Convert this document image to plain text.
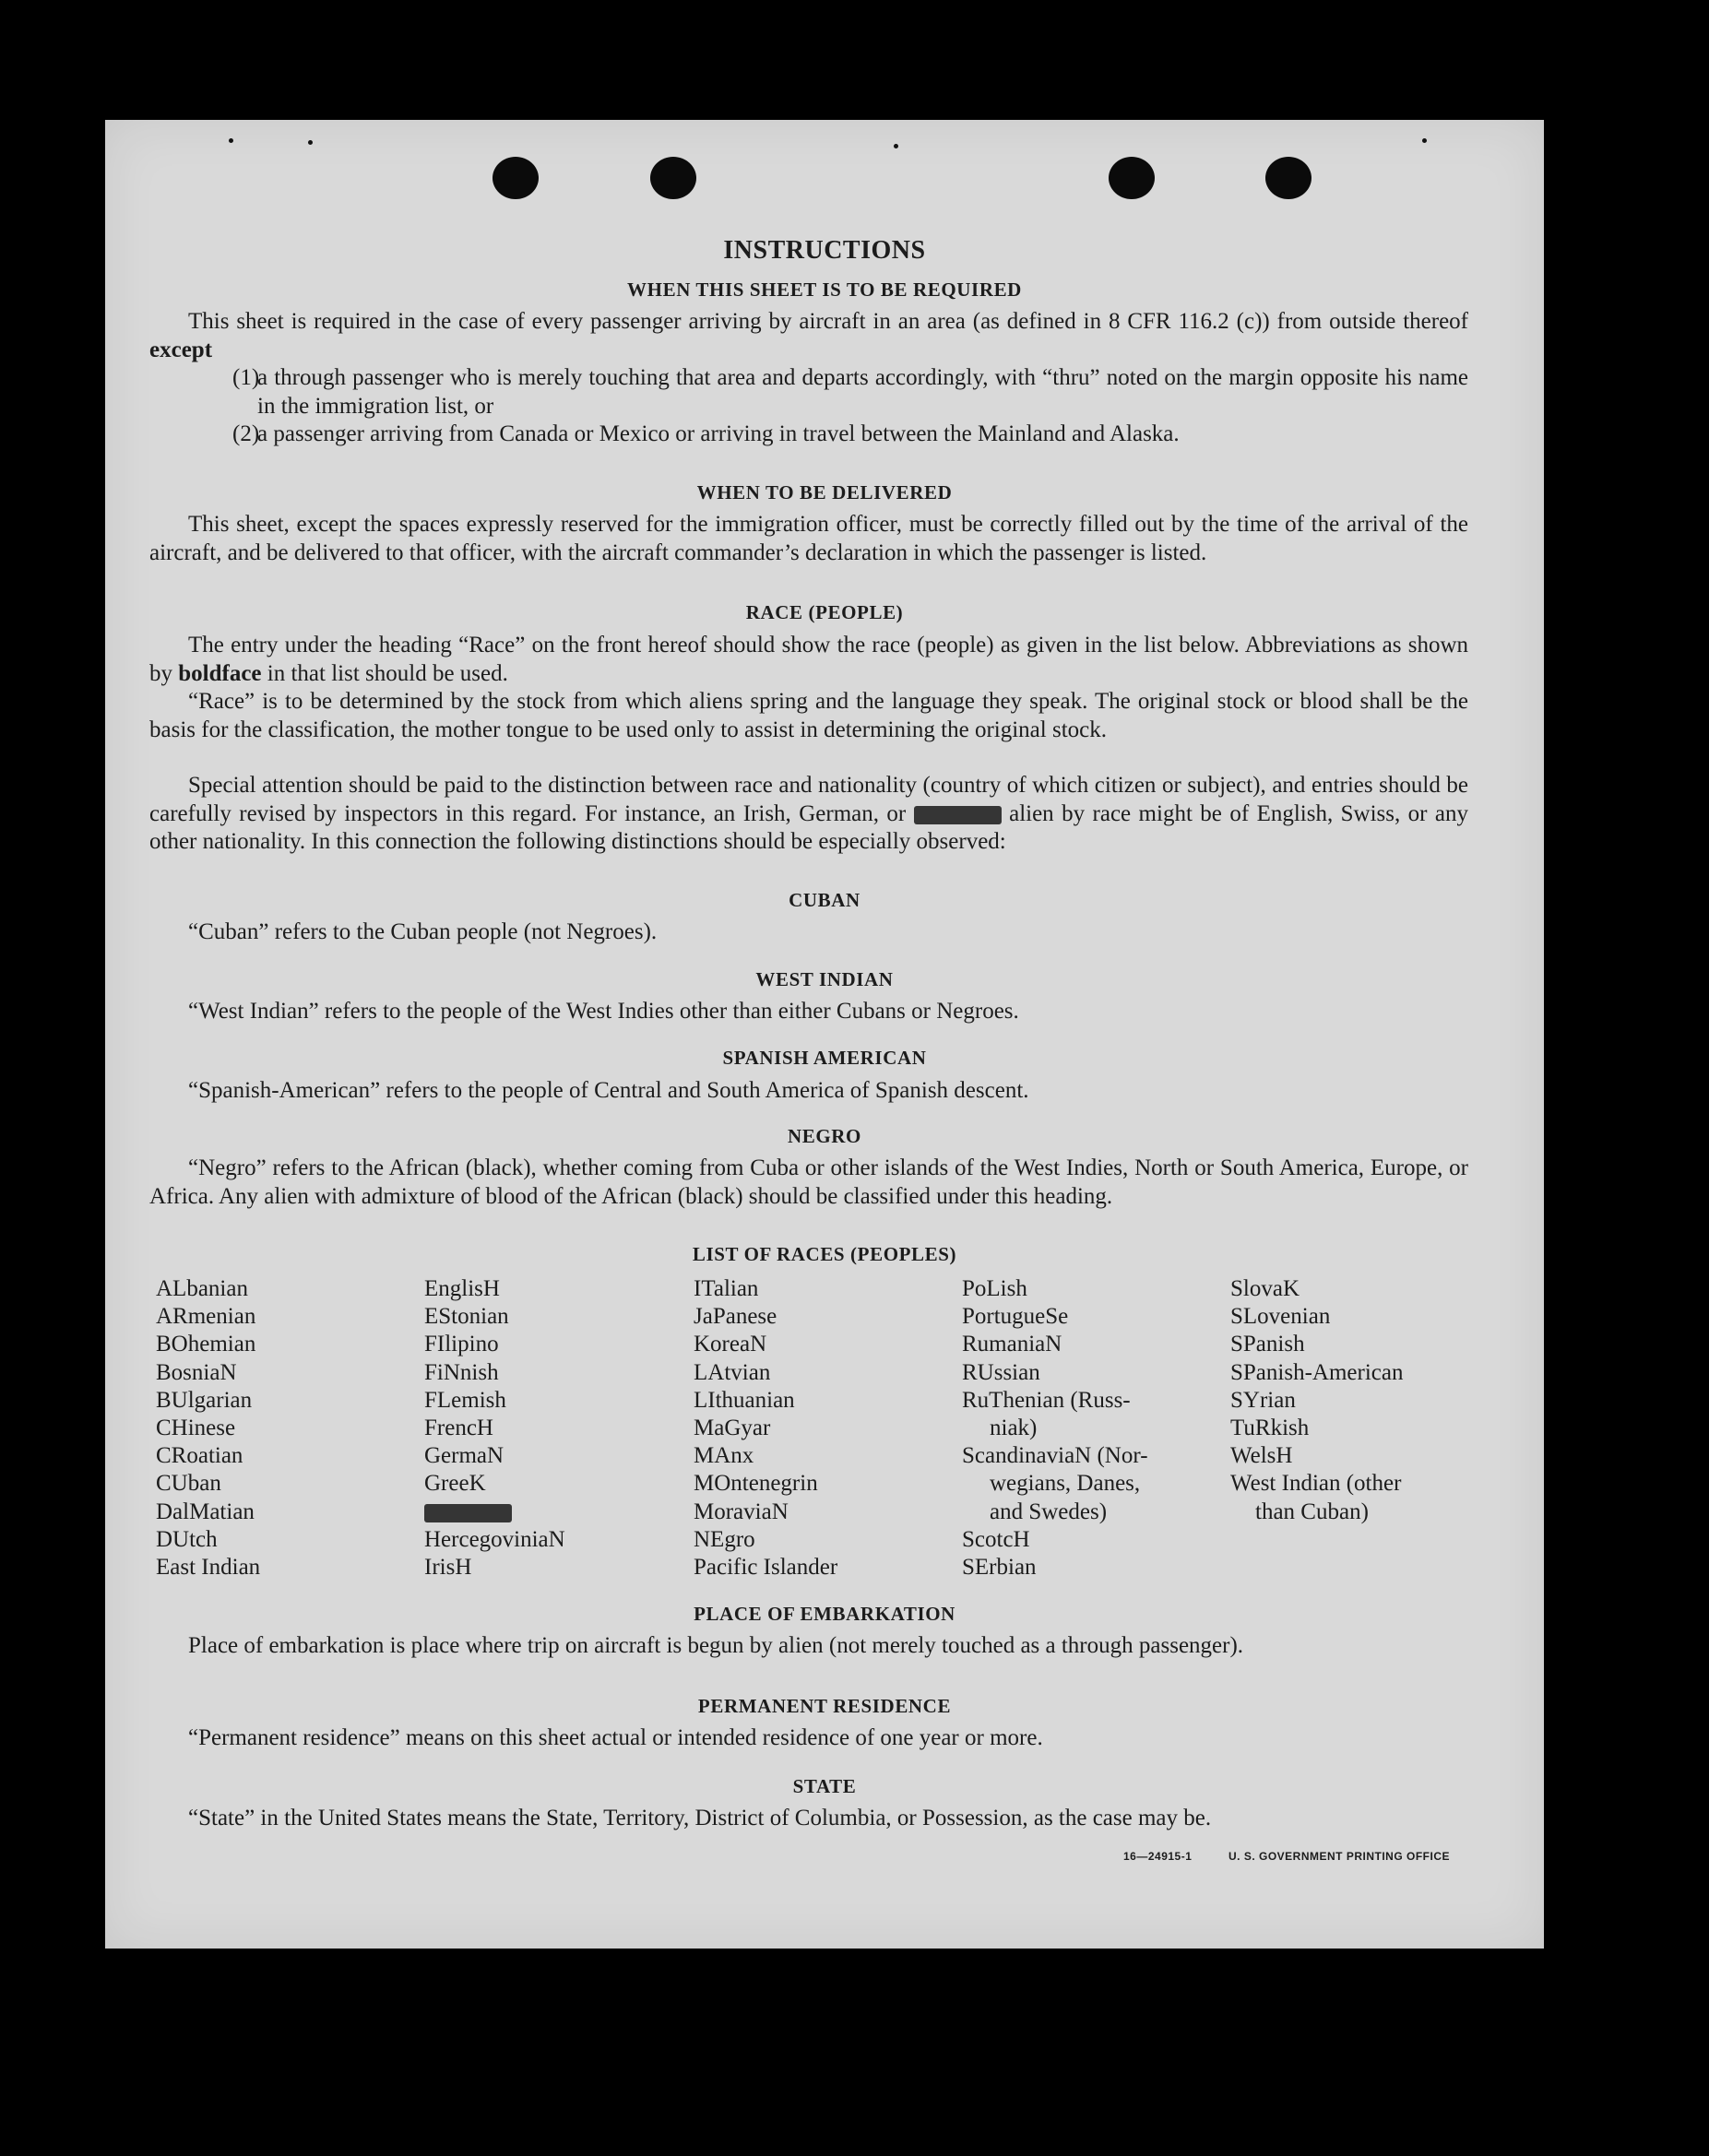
INSTRUCTIONS
WHEN THIS SHEET IS TO BE REQUIRED
This sheet is required in the case of every passenger arriving by aircraft in an area (as defined in 8 CFR 116.2 (c)) from outside thereof except
(1)
a through passenger who is merely touching that area and departs accordingly, with “thru” noted on the margin opposite his name in the immigration list, or
(2)
a passenger arriving from Canada or Mexico or arriving in travel between the Mainland and Alaska.
WHEN TO BE DELIVERED
This sheet, except the spaces expressly reserved for the immigration officer, must be correctly filled out by the time of the arrival of the aircraft, and be delivered to that officer, with the aircraft commander’s declaration in which the passenger is listed.
RACE (PEOPLE)
The entry under the heading “Race” on the front hereof should show the race (people) as given in the list below. Abbreviations as shown by boldface in that list should be used.
“Race” is to be determined by the stock from which aliens spring and the language they speak. The original stock or blood shall be the basis for the classification, the mother tongue to be used only to assist in determining the original stock.
Special attention should be paid to the distinction between race and nationality (country of which citizen or subject), and entries should be carefully revised by inspectors in this regard. For instance, an Irish, German, or	alien by race might be of English, Swiss, or any other nationality. In this connection the following distinctions should be especially observed:
CUBAN
“Cuban” refers to the Cuban people (not Negroes).
WEST INDIAN
“West Indian” refers to the people of the West Indies other than either Cubans or Negroes.
SPANISH AMERICAN
“Spanish-American” refers to the people of Central and South America of Spanish descent.
NEGRO
“Negro” refers to the African (black), whether coming from Cuba or other islands of the West Indies, North or South America, Europe, or Africa. Any alien with admixture of blood of the African (black) should be classified under this heading.
LIST OF RACES (PEOPLES)
ALbanian
ARmenian
BOhemian
BosniaN
BUlgarian
CHinese
CRoatian
CUban
DalMatian
DUtch
East Indian
EnglisH
EStonian
FIlipino
FiNnish
FLemish
FrencH
GermaN
GreeK
HercegoviniaN
IrisH
ITalian
JaPanese
KoreaN
LAtvian
LIthuanian
MaGyar
MAnx
MOntenegrin
MoraviaN
NEgro
Pacific Islander
PoLish
PortugueSe
RumaniaN
RUssian
RuThenian (Russ-
niak)
ScandinaviaN (Nor-
wegians, Danes,
and Swedes)
ScotcH
SErbian
SlovaK
SLovenian
SPanish
SPanish-American
SYrian
TuRkish
WelsH
West Indian (other
than Cuban)
PLACE OF EMBARKATION
Place of embarkation is place where trip on aircraft is begun by alien (not merely touched as a through passenger).
PERMANENT RESIDENCE
“Permanent residence” means on this sheet actual or intended residence of one year or more.
STATE
“State” in the United States means the State, Territory, District of Columbia, or Possession, as the case may be.
16—24915-1	U. S. GOVERNMENT PRINTING OFFICE
